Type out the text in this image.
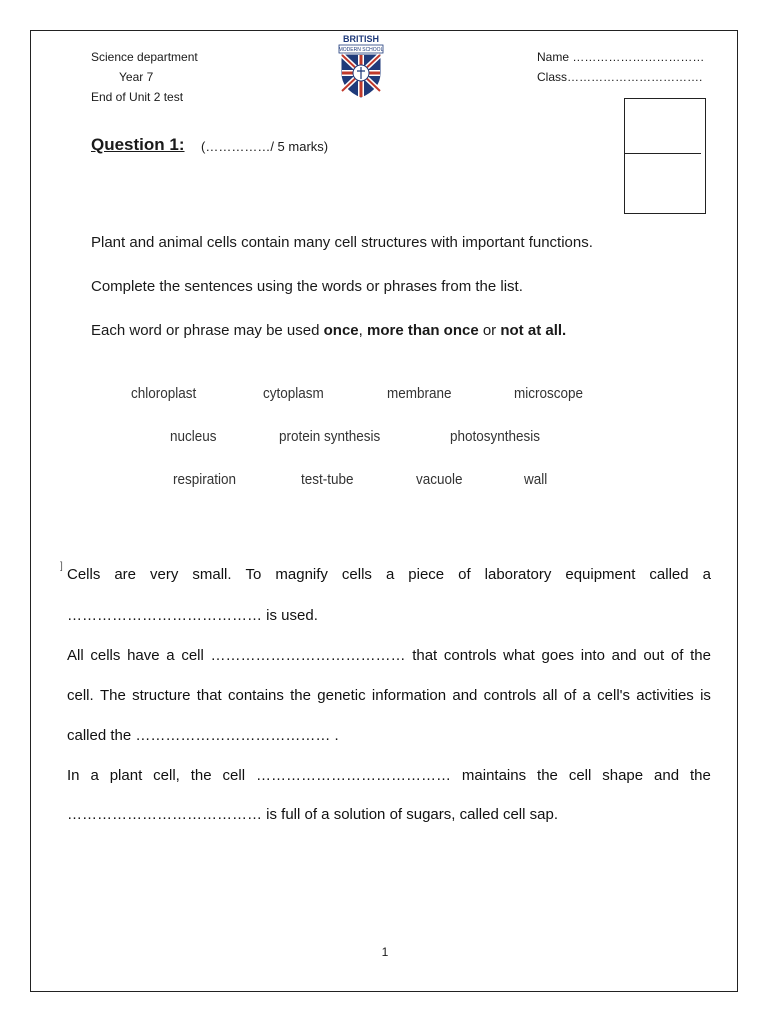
Science department
Year 7
End of Unit 2 test
BRITISH
MODERN SCHOOL	Name ……………………………
Class…………………………….
Question 1: (……………/ 5 marks)
Plant and animal cells contain many cell structures with important functions.
Complete the sentences using the words or phrases from the list.
Each word or phrase may be used once, more than once or not at all.
chloroplast	cytoplasm	membrane	microscope
nucleus	protein synthesis	photosynthesis
respiration	test-tube	vacuole	wall
] Cells are very small. To magnify cells a piece of laboratory equipment called a
………………………………… is used.
All cells have a cell ………………………………… that controls what goes into and out of the
cell. The structure that contains the genetic information and controls all of a cell's activities is
called the ………………………………… .
In a plant cell, the cell ………………………………… maintains the cell shape and the
………………………………… is full of a solution of sugars, called cell sap.
1
